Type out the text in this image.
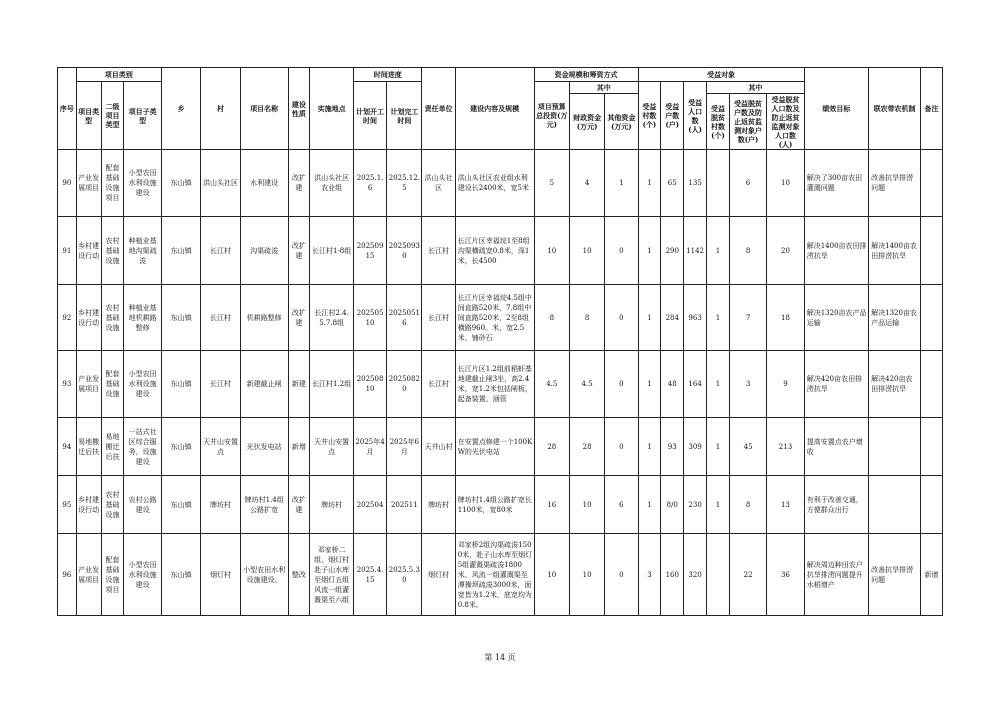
序号	项目类别			乡	村	项目名称	建设性质	实施地点	时间进度		责任单位	建设内容及规模	资金规模和筹资方式			受益对象						绩效目标	联农带农机制	备注
	项目类型	二级项目类型	项目子类型						计划开工时间	计划完工时间			项目预算总投资(万元)	其中		受益村数(个)	受益户数(户)	受益人口数(人)	其中					
														财政资金(万元)	其他资金(万元)				受益脱贫村数(个)	受益脱贫户数及防止返贫监测对象户数(户)	受益脱贫人口数及防止返贫监测对象人口数(人)			
90	产业发展项目	配套基础设施项目	小型农田水利设施建设	东山镇	洪山头社区	水利建设	改扩建	洪山头社区农业组	2025.1.6	2025.12.5	洪山头社区	洪山头社区农业组水利建设长2400米，宽5米	5	4	1	1	65	135		6	10	解决了300亩农田灌溉问题	改善抗旱排涝问题	
91	乡村建设行动	农村基础设施	种植业基地沟渠疏浚	东山镇	长江村	沟渠疏浚	改扩建	长江村1-8组	20250915	20250930	长江村	长江片区幸福垸1至8组沟渠横疏宽0.8米，深1米，长4500	10	10	0	1	290	1142	1	8	20	解决1400亩农田排涝抗旱	解决1400亩农田排涝抗旱	
92	乡村建设行动	农村基础设施	种植业基地机耕路整修	东山镇	长江村	机耕路整修	改扩建	长江村2.4.5.7.8组	20250510	20250516	长江村	长江片区幸福垸4.5组中间直路520米，7.8组中间直路520米，2至8组横路960。米，宽2.5米，铺砂石	8	8	0	1	284	963	1	7	18	解决1320亩农产品运输	解决1320亩农产品运输	
93	产业发展项目	配套基础设施	小型农田水利设施建设	东山镇	长江村	新建截止闸	新建	长江村1.2组	20250810	20250820	长江村	长江片区1.2组前稻虾基地建截止闸3坐，高2.4米，宽1.2米包括闸板，起备装置，涵管	4.5	4.5	0	1	48	164	1	3	9	解决420亩农田排涝抗旱	解决420亩农田排涝抗旱	
94	易地搬迁后扶	易地搬迁后扶	一站式社区综合服务，设施建设	东山镇	天井山安置点	光伏发电站	新增	天井山安置点	2025年4月	2025年6月	天井山村	在安置点修建一个100KW的光伏电站	28	28	0	1	93	309	1	45	213	提高安置点农户增收		
95	乡村建设行动	农村基础设施	农村公路建设	东山镇	牌坊村	牌坊村1.4组公路扩宽	改扩建	牌坊村	202504	202511	牌坊村	牌坊村1.4组公路扩宽长1100米，宽80米	16	10	6	1	8/0	230	1	8	13	有利于改善交通，方便群众出行		
96	产业发展项目	配套基础设施项目	小型农田水利设施建设	东山镇	烟灯村	小型农田水利设施建设、	整改	邓家桥二组、烟灯村赴子山水库至烟灯五组风流一组灌溉渠至六组	2025.4.15	2025.5.30	烟灯村	邓家桥2组沟渠疏浚1500米，赴子山水库至烟灯5组灌溉渠疏浚1800米，风流一组灌溉渠至潭操坝疏浚3000米，面宽皆为1.2米，底宽均为0.8米。	10	10	0	3	160	320		22	36	解决周边种田农户 抗旱排涝问题提升水稻增产	改善抗旱排涝问题	新增
第 14 页
